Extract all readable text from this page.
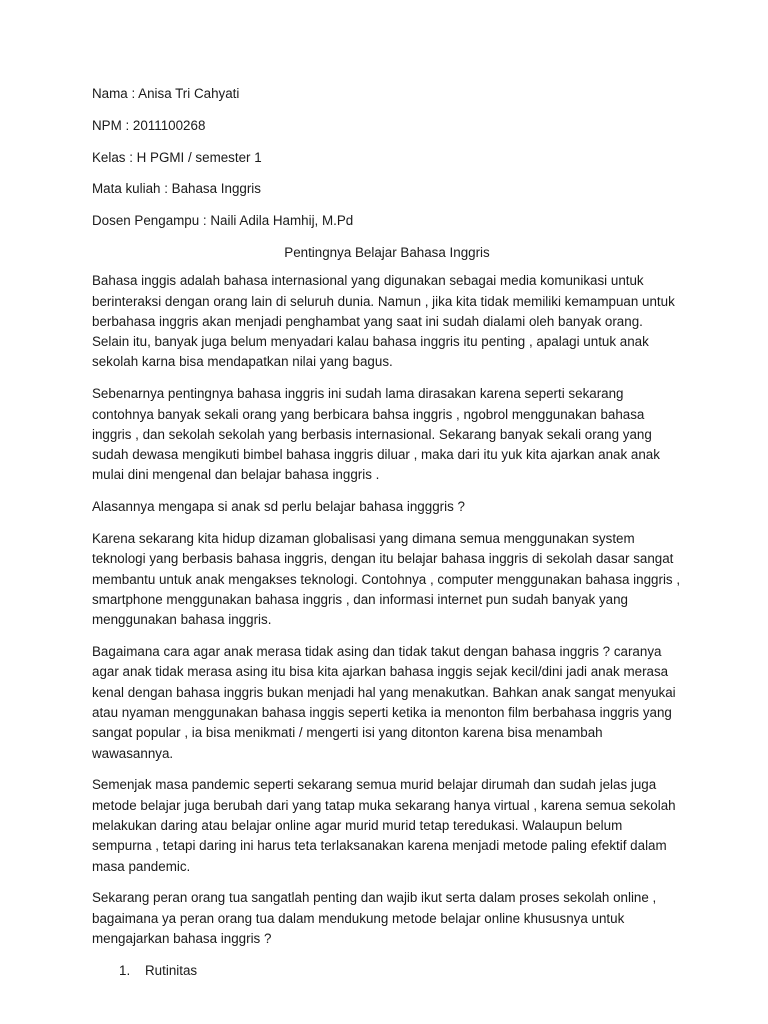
Nama : Anisa Tri Cahyati
NPM : 2011100268
Kelas : H PGMI / semester 1
Mata kuliah : Bahasa Inggris
Dosen Pengampu : Naili Adila Hamhij, M.Pd
Pentingnya Belajar Bahasa Inggris

Bahasa inggis adalah bahasa internasional yang digunakan sebagai media komunikasi untuk berinteraksi dengan orang lain di seluruh dunia. Namun , jika kita tidak memiliki kemampuan untuk berbahasa inggris akan menjadi penghambat yang saat ini sudah dialami oleh banyak orang. Selain itu, banyak juga belum menyadari kalau bahasa inggris itu penting , apalagi untuk anak sekolah karna bisa mendapatkan nilai yang bagus.

Sebenarnya pentingnya bahasa inggris ini sudah lama dirasakan karena seperti sekarang contohnya banyak sekali orang yang berbicara bahsa inggris , ngobrol menggunakan bahasa inggris , dan sekolah sekolah yang berbasis internasional. Sekarang banyak sekali orang yang sudah dewasa mengikuti bimbel bahasa inggris diluar , maka dari itu yuk kita ajarkan anak anak mulai dini mengenal dan belajar bahasa inggris .

Alasannya mengapa si anak sd perlu belajar bahasa ingggris ?

Karena sekarang kita hidup dizaman globalisasi yang dimana semua menggunakan system teknologi yang berbasis bahasa inggris, dengan itu belajar bahasa inggris di sekolah dasar sangat membantu untuk anak mengakses teknologi. Contohnya , computer menggunakan bahasa inggris , smartphone menggunakan bahasa inggris , dan informasi internet pun sudah banyak yang menggunakan bahasa inggris.

Bagaimana cara agar anak merasa tidak asing dan tidak takut dengan bahasa inggris ? caranya agar anak tidak merasa asing itu bisa kita ajarkan bahasa inggis sejak kecil/dini jadi anak merasa kenal dengan bahasa inggris bukan menjadi hal yang menakutkan. Bahkan anak sangat menyukai atau nyaman menggunakan bahasa inggis seperti ketika ia menonton film berbahasa inggris yang sangat popular , ia bisa menikmati / mengerti isi yang ditonton karena bisa menambah wawasannya.

Semenjak masa pandemic seperti sekarang semua murid belajar dirumah dan sudah jelas juga metode belajar juga berubah dari yang tatap muka sekarang hanya virtual , karena semua sekolah melakukan daring atau belajar online agar murid murid tetap teredukasi. Walaupun belum sempurna , tetapi daring ini harus teta terlaksanakan karena menjadi metode paling efektif dalam masa pandemic.

Sekarang peran orang tua sangatlah penting dan wajib ikut serta dalam proses sekolah online , bagaimana ya peran orang tua dalam mendukung metode belajar online khususnya untuk mengajarkan bahasa inggris ?

1. Rutinitas
